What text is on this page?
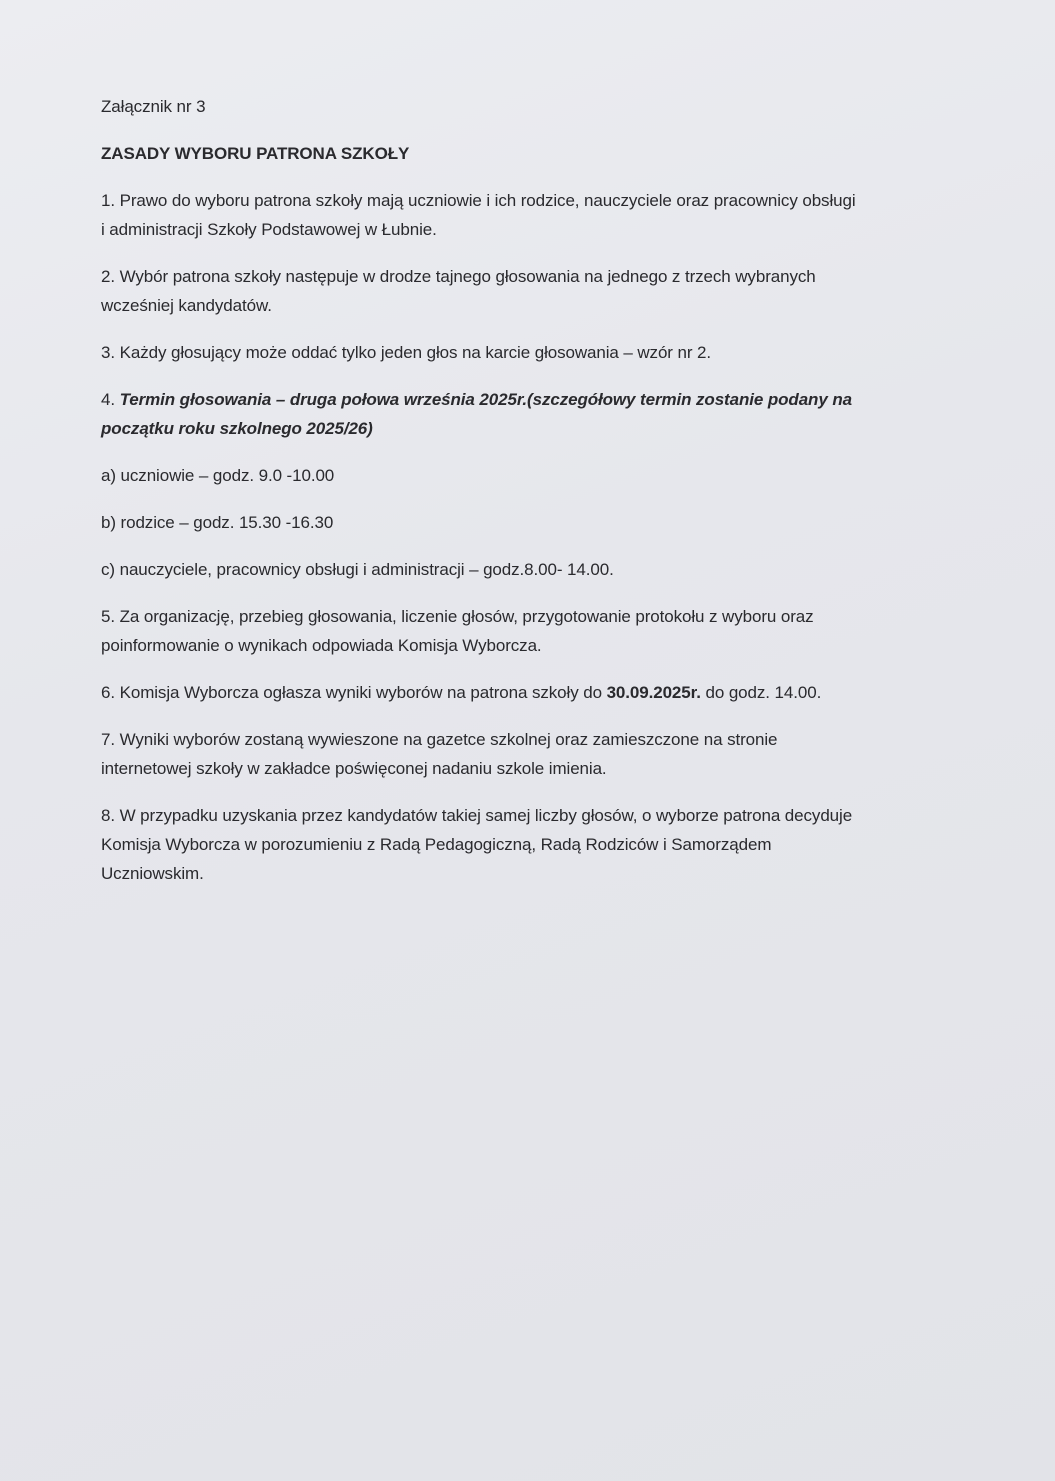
Załącznik nr 3
ZASADY WYBORU PATRONA SZKOŁY
1. Prawo do wyboru patrona szkoły mają uczniowie i ich rodzice, nauczyciele oraz pracownicy obsługi
i administracji Szkoły Podstawowej w Łubnie.
2. Wybór patrona szkoły następuje w drodze tajnego głosowania na jednego z trzech wybranych
wcześniej kandydatów.
3. Każdy głosujący może oddać tylko jeden głos na karcie głosowania – wzór nr 2.
4. Termin głosowania – druga połowa września 2025r.(szczegółowy termin zostanie podany na
początku roku szkolnego 2025/26)
a) uczniowie – godz. 9.0 -10.00
b) rodzice – godz. 15.30 -16.30
c) nauczyciele, pracownicy obsługi i administracji – godz.8.00- 14.00.
5. Za organizację, przebieg głosowania, liczenie głosów, przygotowanie protokołu z wyboru oraz
poinformowanie o wynikach odpowiada Komisja Wyborcza.
6. Komisja Wyborcza ogłasza wyniki wyborów na patrona szkoły do 30.09.2025r. do godz. 14.00.
7. Wyniki wyborów zostaną wywieszone na gazetce szkolnej oraz zamieszczone na stronie
internetowej szkoły w zakładce poświęconej nadaniu szkole imienia.
8. W przypadku uzyskania przez kandydatów takiej samej liczby głosów, o wyborze patrona decyduje
Komisja Wyborcza w porozumieniu z Radą Pedagogiczną, Radą Rodziców i Samorządem
Uczniowskim.
